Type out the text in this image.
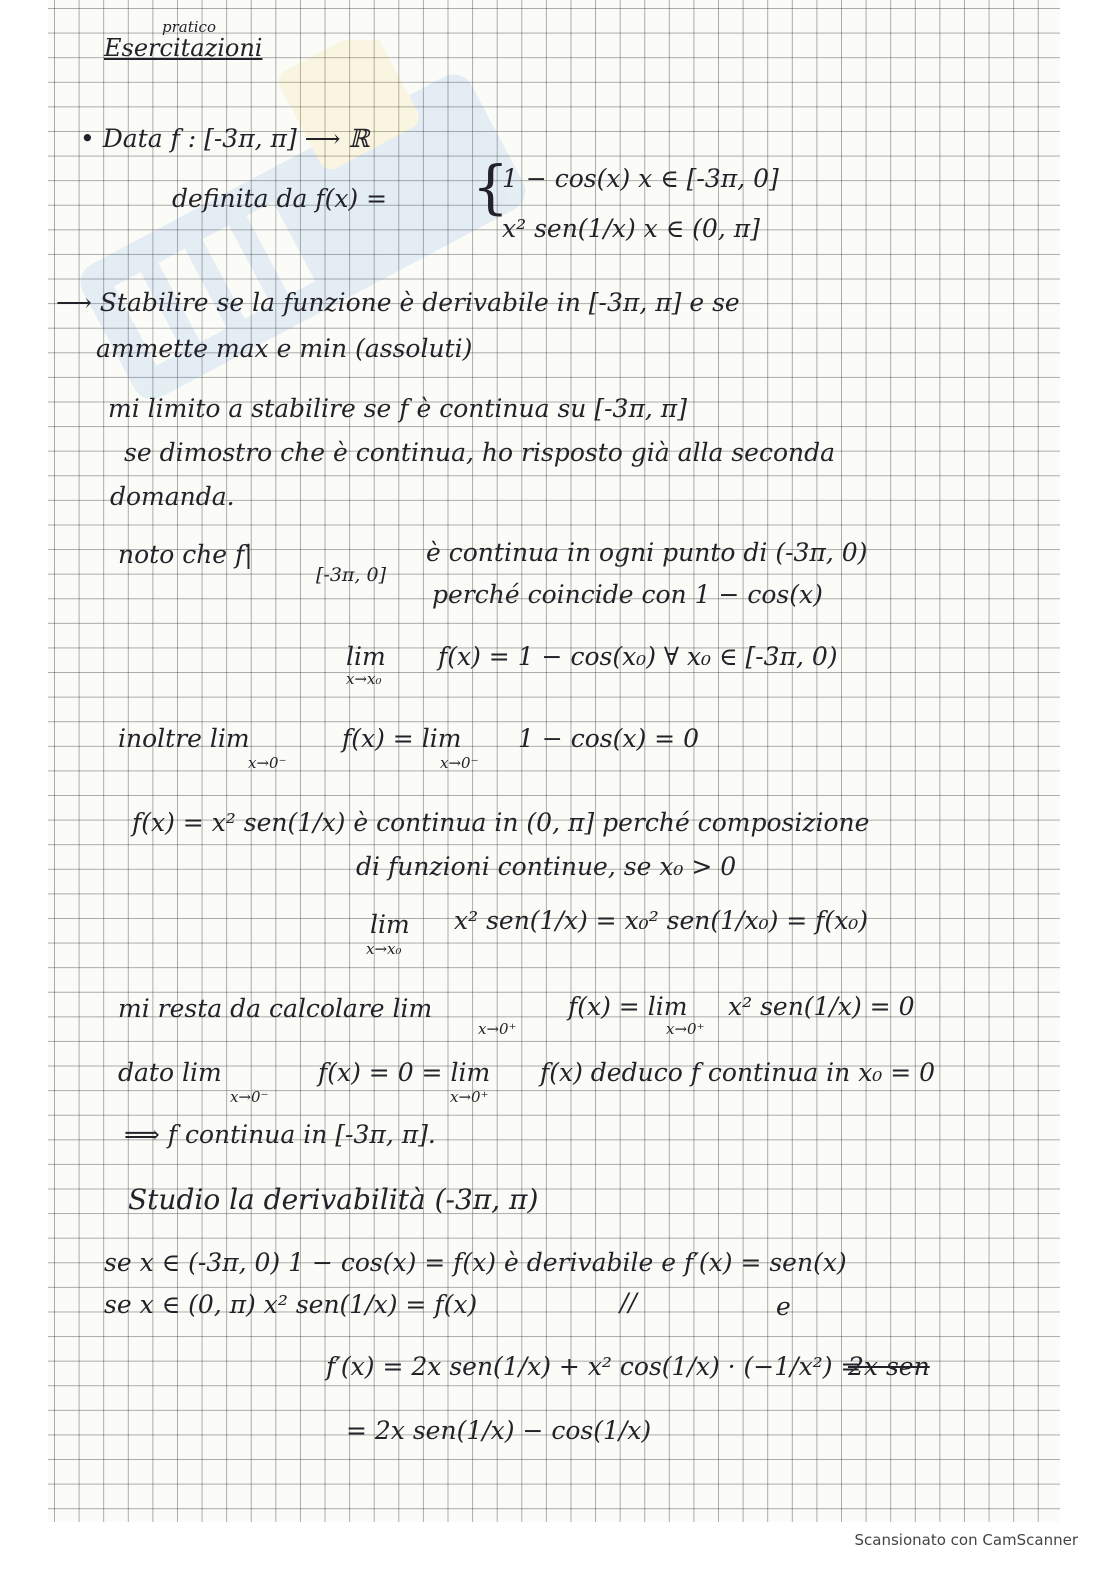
pratico
Esercitazioni
• Data f : [-3π, π] ⟶ ℝ
definita da f(x) = {
1 − cos(x) x ∈ [-3π, 0]
x² sen(1/x) x ∈ (0, π]
⟶ Stabilire se la funzione è derivabile in [-3π, π] e se
ammette max e min (assoluti)
mi limito a stabilire se f è continua su [-3π, π]
se dimostro che è continua, ho risposto già alla seconda
domanda.
noto che f|
[-3π, 0]
è continua in ogni punto di (-3π, 0)
perché coincide con 1 − cos(x)
lim
x→x₀
f(x) = 1 − cos(x₀) ∀ x₀ ∈ [-3π, 0)
inoltre lim
x→0⁻
f(x) = lim
x→0⁻
1 − cos(x) = 0
f(x) = x² sen(1/x) è continua in (0, π] perché composizione
di funzioni continue, se x₀ > 0
lim
x→x₀
x² sen(1/x) = x₀² sen(1/x₀) = f(x₀)
mi resta da calcolare lim
x→0⁺
f(x) = lim
x→0⁺
x² sen(1/x) = 0
dato lim
x→0⁻
f(x) = 0 = lim
x→0⁺
f(x) deduco f continua in x₀ = 0
⟹ f continua in [-3π, π].
Studio la derivabilità (-3π, π)
se x ∈ (-3π, 0) 1 − cos(x) = f(x) è derivabile e f′(x) = sen(x)
se x ∈ (0, π) x² sen(1/x) = f(x)	//	e
f′(x) = 2x sen(1/x) + x² cos(1/x) · (−1/x²) =
2x sen
= 2x sen(1/x) − cos(1/x)
Scansionato con CamScanner
